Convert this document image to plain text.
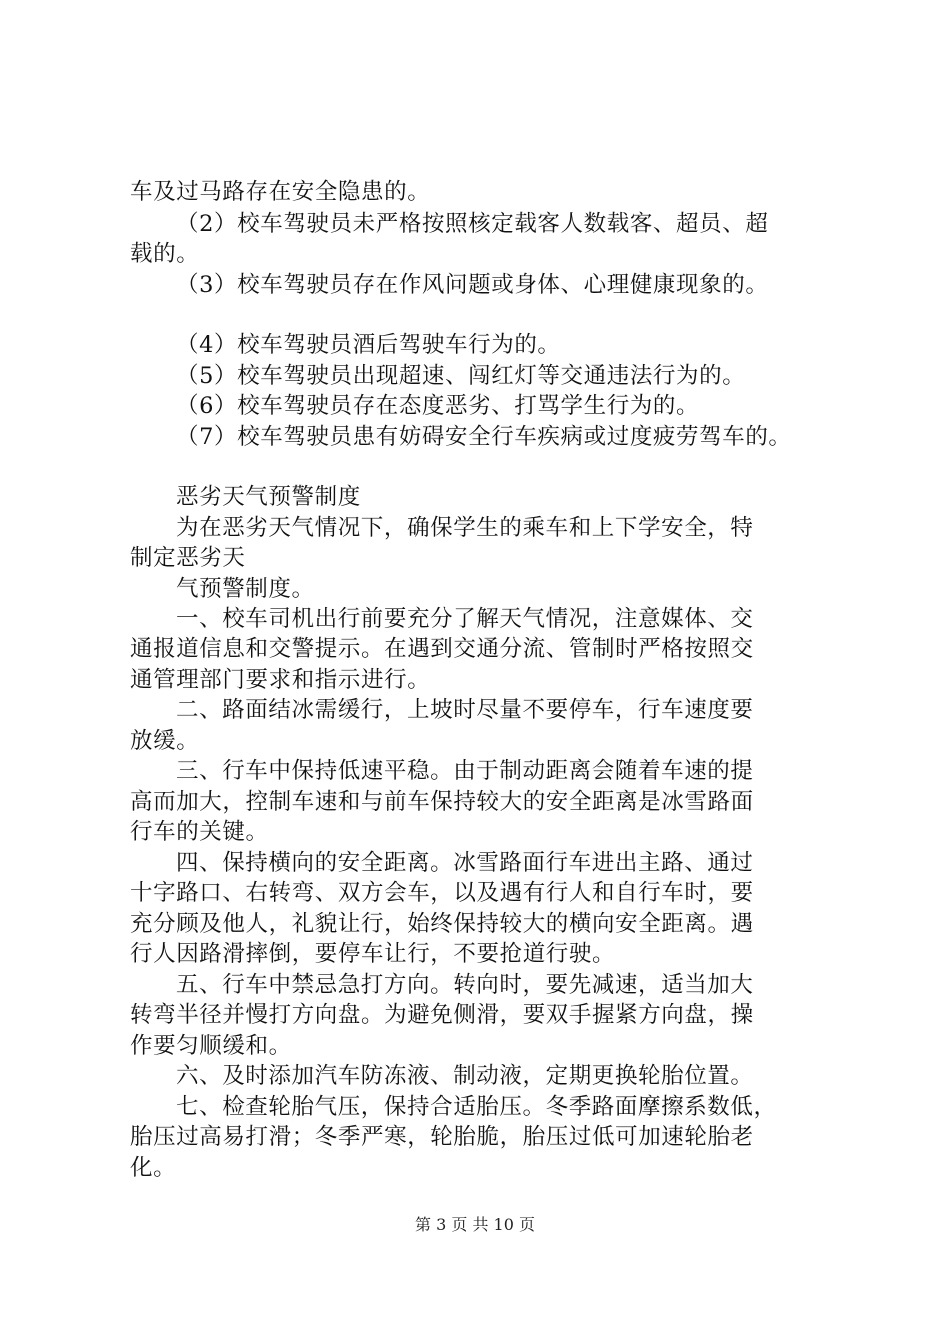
车及过马路存在安全隐患的。
（2）校车驾驶员未严格按照核定载客人数载客、超员、超
载的。
（3）校车驾驶员存在作风问题或身体、心理健康现象的。
（4）校车驾驶员酒后驾驶车行为的。
（5）校车驾驶员出现超速、闯红灯等交通违法行为的。
（6）校车驾驶员存在态度恶劣、打骂学生行为的。
（7）校车驾驶员患有妨碍安全行车疾病或过度疲劳驾车的。
恶劣天气预警制度
为在恶劣天气情况下，确保学生的乘车和上下学安全，特
制定恶劣天
气预警制度。
一、校车司机出行前要充分了解天气情况，注意媒体、交
通报道信息和交警提示。在遇到交通分流、管制时严格按照交
通管理部门要求和指示进行。
二、路面结冰需缓行，上坡时尽量不要停车，行车速度要
放缓。
三、行车中保持低速平稳。由于制动距离会随着车速的提
高而加大，控制车速和与前车保持较大的安全距离是冰雪路面
行车的关键。
四、保持横向的安全距离。冰雪路面行车进出主路、通过
十字路口、右转弯、双方会车，以及遇有行人和自行车时，要
充分顾及他人，礼貌让行，始终保持较大的横向安全距离。遇
行人因路滑摔倒，要停车让行，不要抢道行驶。
五、行车中禁忌急打方向。转向时，要先减速，适当加大
转弯半径并慢打方向盘。为避免侧滑，要双手握紧方向盘，操
作要匀顺缓和。
六、及时添加汽车防冻液、制动液，定期更换轮胎位置。
七、检查轮胎气压，保持合适胎压。冬季路面摩擦系数低，
胎压过高易打滑；冬季严寒，轮胎脆，胎压过低可加速轮胎老
化。
第 3 页 共 10 页
